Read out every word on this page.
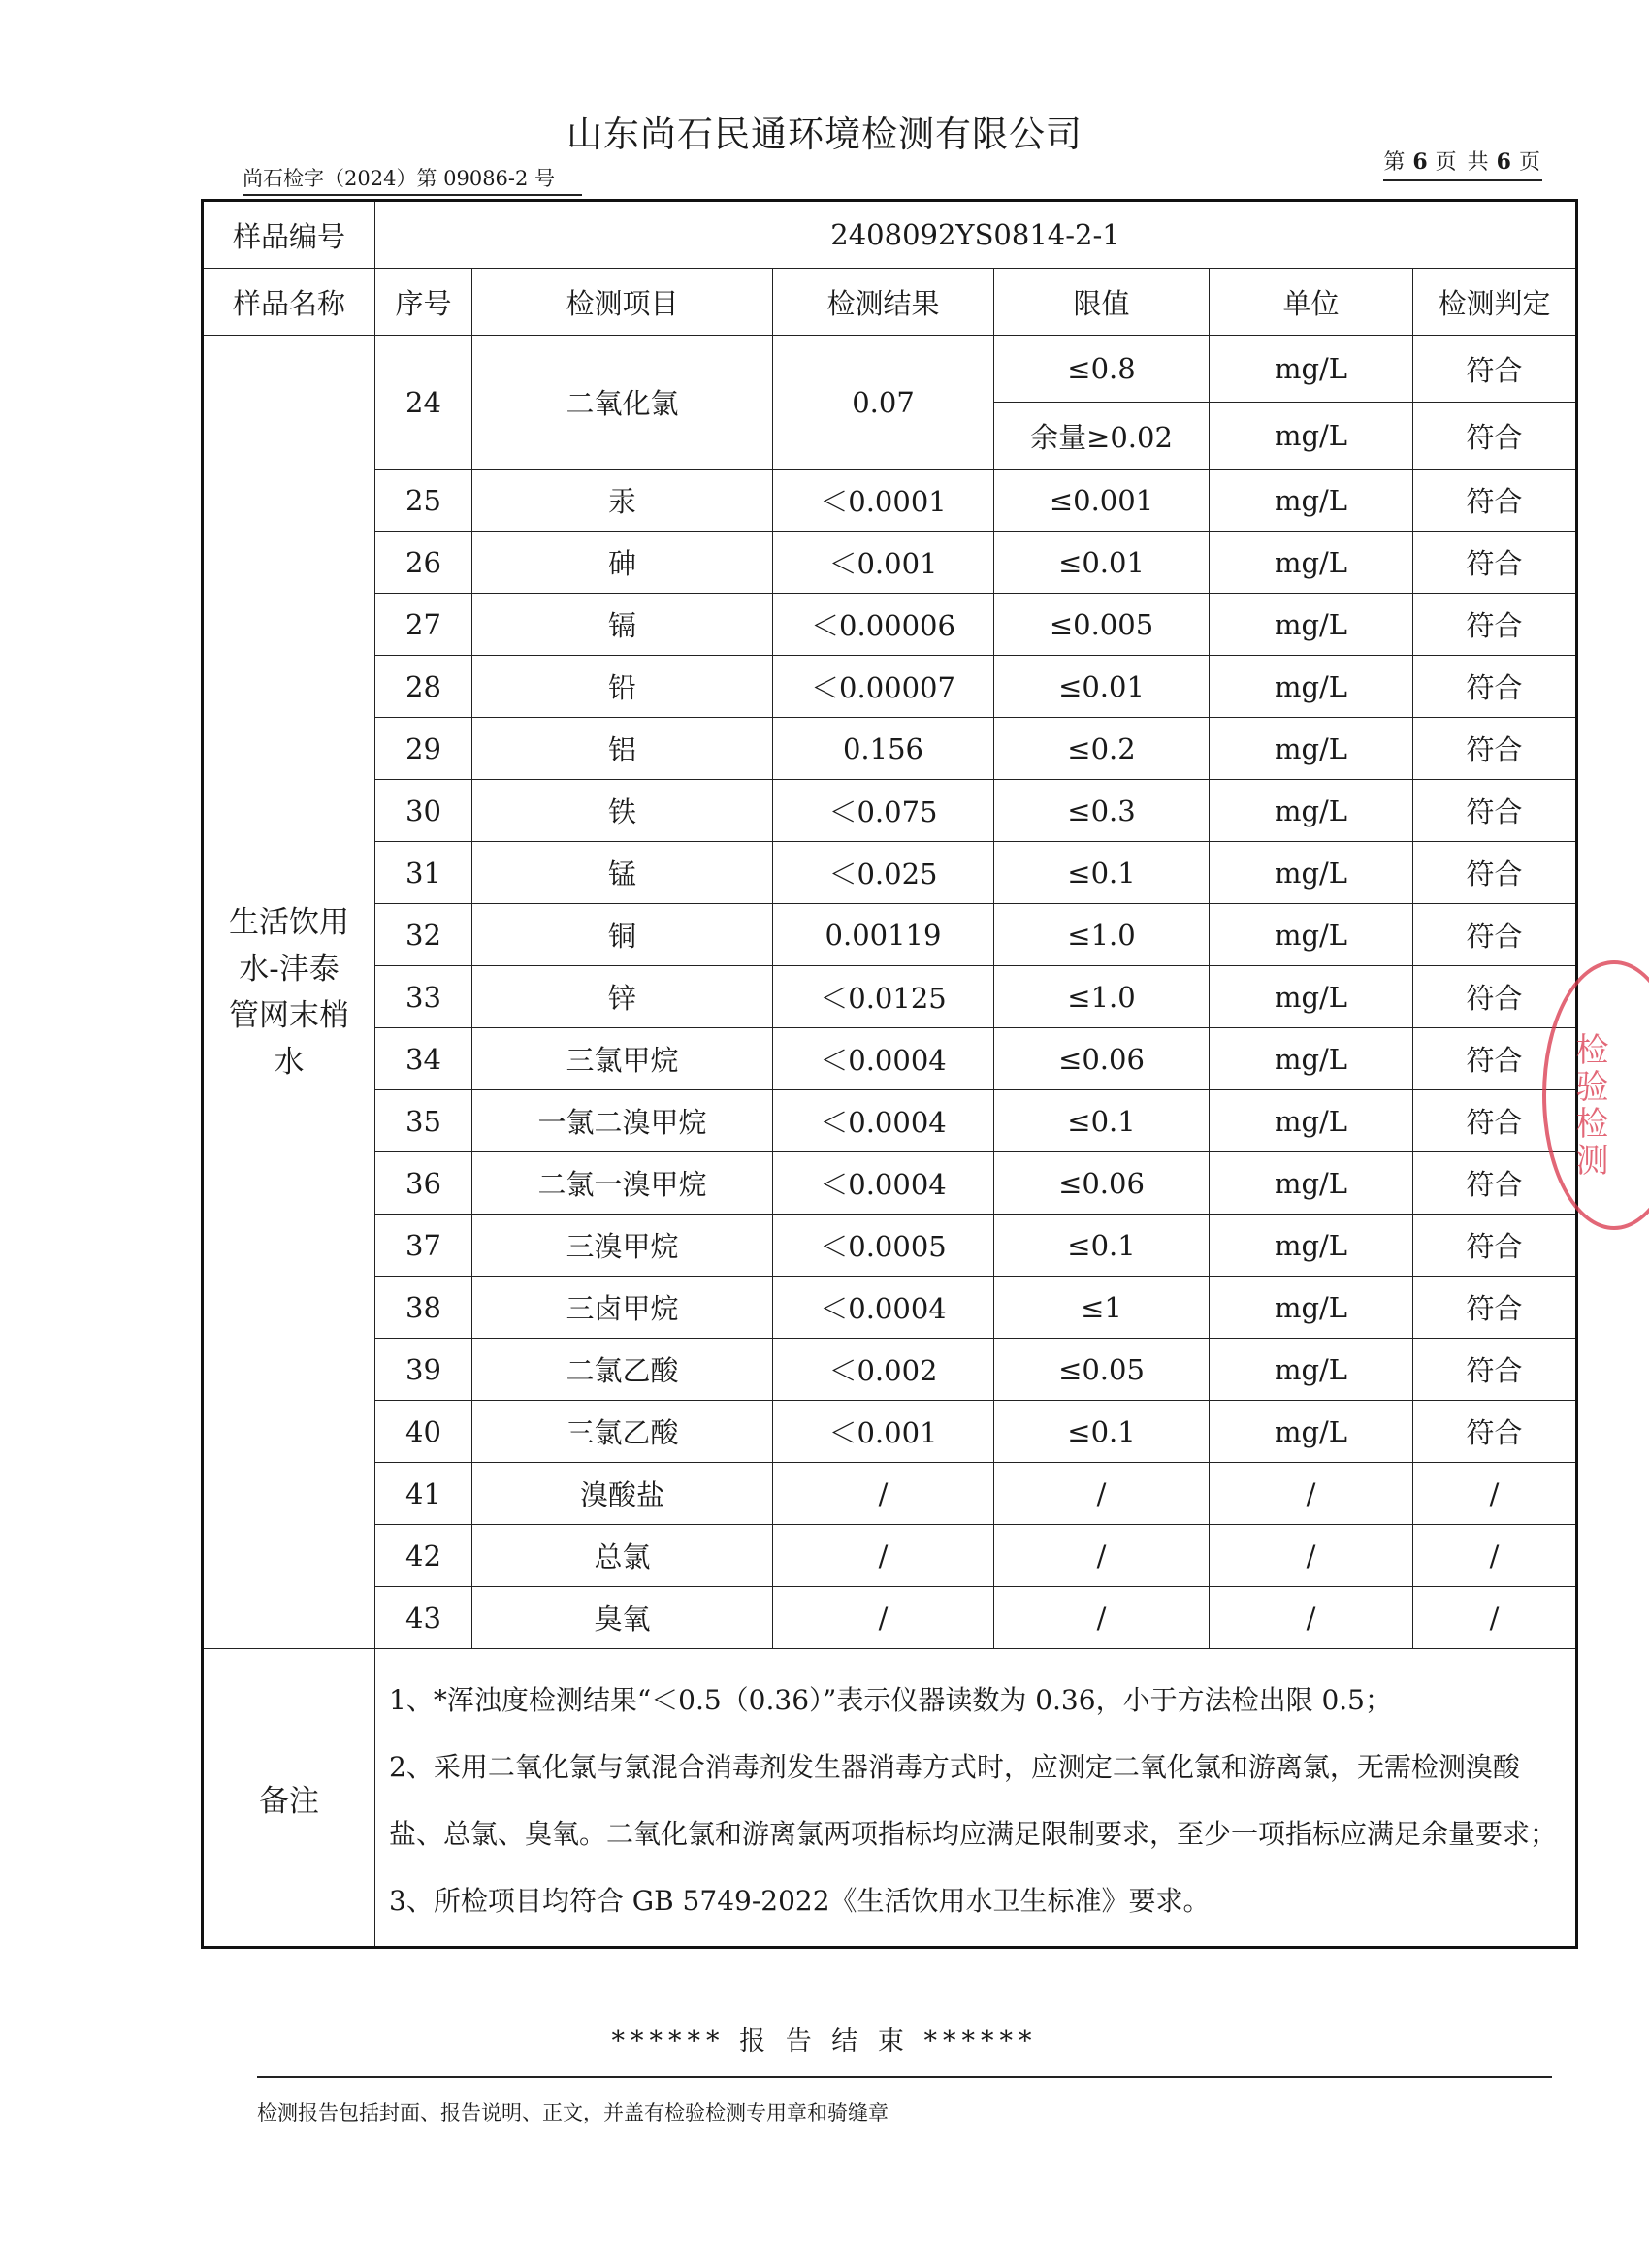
山东尚石民通环境检测有限公司
尚石检字（2024）第 09086-2 号
第 6 页 共 6 页
样品编号	2408092YS0814-2-1					
样品名称	序号	检测项目	检测结果	限值	单位	检测判定

生活饮用
水-沣泰
管网末梢
水	24	二氧化氯	0.07	≤0.8	mg/L	符合
				余量≥0.02	mg/L	符合
	25	汞	＜0.0001	≤0.001	mg/L	符合
	26	砷	＜0.001	≤0.01	mg/L	符合
	27	镉	＜0.00006	≤0.005	mg/L	符合
	28	铅	＜0.00007	≤0.01	mg/L	符合
	29	铝	0.156	≤0.2	mg/L	符合
	30	铁	＜0.075	≤0.3	mg/L	符合
	31	锰	＜0.025	≤0.1	mg/L	符合
	32	铜	0.00119	≤1.0	mg/L	符合
	33	锌	＜0.0125	≤1.0	mg/L	符合
	34	三氯甲烷	＜0.0004	≤0.06	mg/L	符合
	35	一氯二溴甲烷	＜0.0004	≤0.1	mg/L	符合
	36	二氯一溴甲烷	＜0.0004	≤0.06	mg/L	符合
	37	三溴甲烷	＜0.0005	≤0.1	mg/L	符合
	38	三卤甲烷	＜0.0004	≤1	mg/L	符合
	39	二氯乙酸	＜0.002	≤0.05	mg/L	符合
	40	三氯乙酸	＜0.001	≤0.1	mg/L	符合
	41	溴酸盐	/	/	/	/
	42	总氯	/	/	/	/
	43	臭氧	/	/	/	/
备注	1、*浑浊度检测结果“＜0.5（0.36）”表示仪器读数为 0.36，小于方法检出限 0.5；

2、采用二氧化氯与氯混合消毒剂发生器消毒方式时，应测定二氧化氯和游离氯，无需检测溴酸盐、总氯、臭氧。二氧化氯和游离氯两项指标均应满足限制要求，至少一项指标应满足余量要求；

3、所检项目均符合 GB 5749-2022《生活饮用水卫生标准》要求。					

检验检测
****** 报 告 结 束 ******
检测报告包括封面、报告说明、正文，并盖有检验检测专用章和骑缝章
